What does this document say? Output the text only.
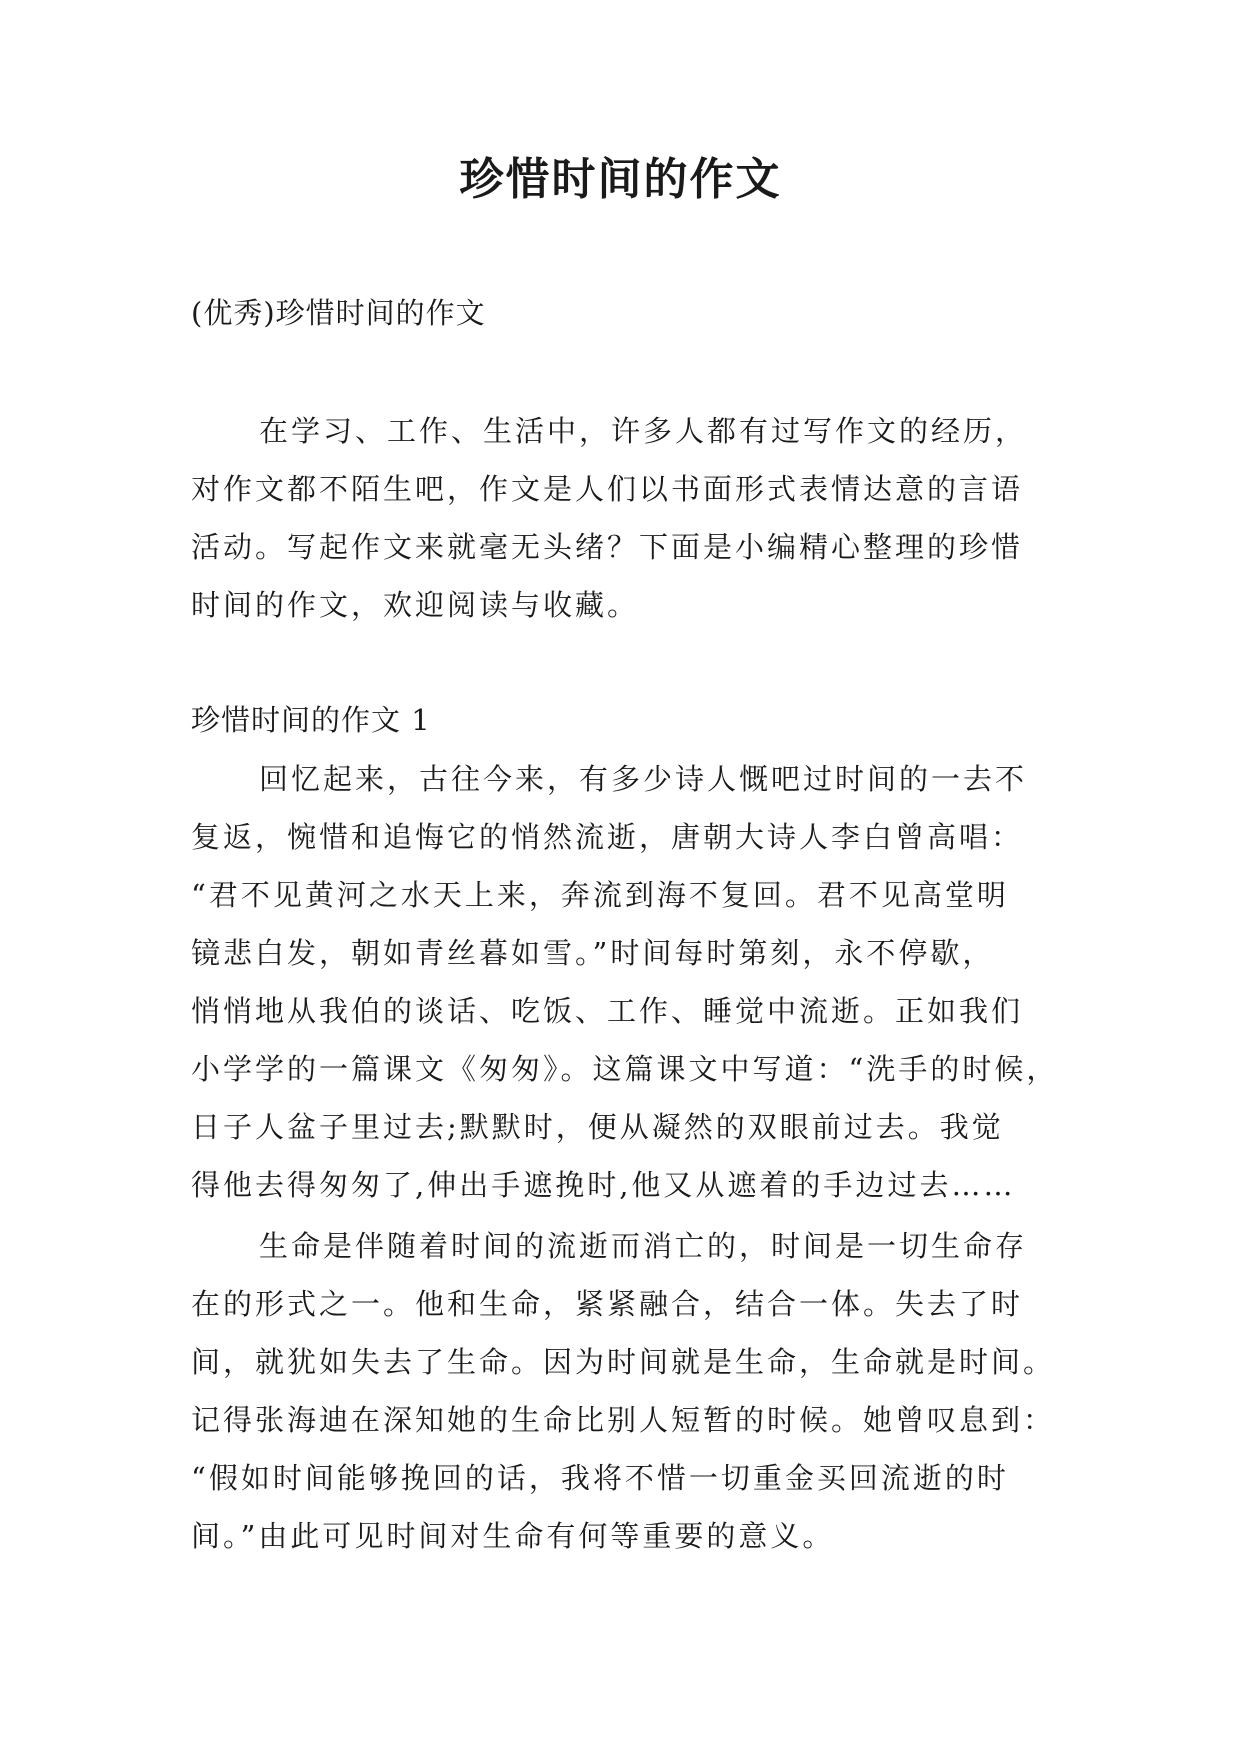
珍惜时间的作文
(优秀)珍惜时间的作文
在学习、工作、生活中，许多人都有过写作文的经历，
对作文都不陌生吧，作文是人们以书面形式表情达意的言语
活动。写起作文来就毫无头绪？下面是小编精心整理的珍惜
时间的作文，欢迎阅读与收藏。
珍惜时间的作文 1
回忆起来，古往今来，有多少诗人慨吧过时间的一去不
复返，惋惜和追悔它的悄然流逝，唐朝大诗人李白曾高唱：
“君不见黄河之水天上来，奔流到海不复回。君不见高堂明
镜悲白发，朝如青丝暮如雪。”时间每时第刻，永不停歇，
悄悄地从我伯的谈话、吃饭、工作、睡觉中流逝。正如我们
小学学的一篇课文《匆匆》。这篇课文中写道：“洗手的时候，
日子人盆子里过去;默默时，便从凝然的双眼前过去。我觉
得他去得匆匆了,伸出手遮挽时,他又从遮着的手边过去……
生命是伴随着时间的流逝而消亡的，时间是一切生命存
在的形式之一。他和生命，紧紧融合，结合一体。失去了时
间，就犹如失去了生命。因为时间就是生命，生命就是时间。
记得张海迪在深知她的生命比别人短暂的时候。她曾叹息到：
“假如时间能够挽回的话，我将不惜一切重金买回流逝的时
间。”由此可见时间对生命有何等重要的意义。
